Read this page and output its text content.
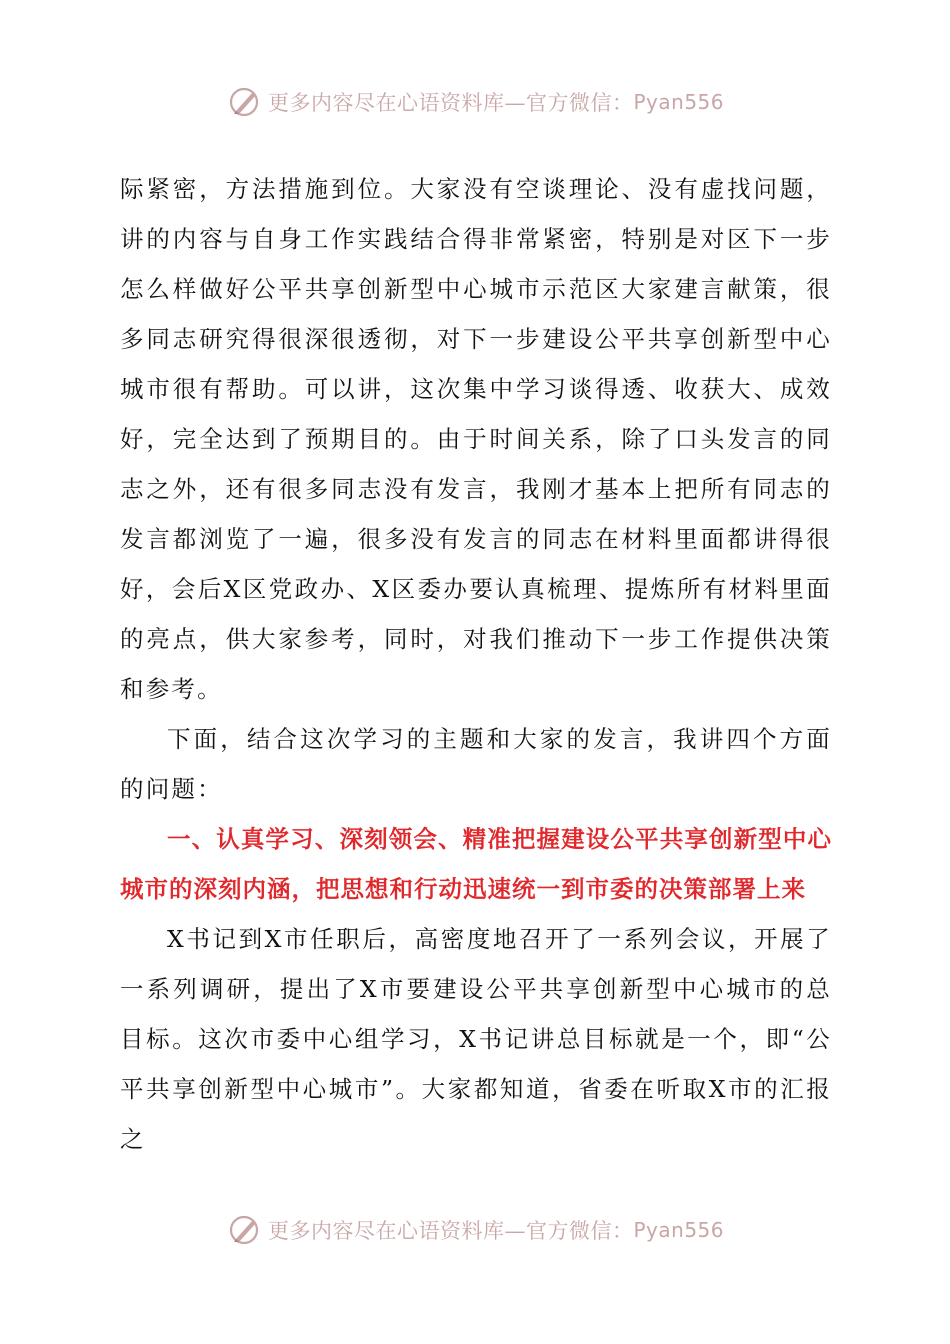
更多内容尽在心语资料库—官方微信： Pyan556

际紧密，方法措施到位。大家没有空谈理论、没有虚找问题，讲的内容与自身工作实践结合得非常紧密，特别是对区下一步怎么样做好公平共享创新型中心城市示范区大家建言献策，很多同志研究得很深很透彻，对下一步建设公平共享创新型中心城市很有帮助。可以讲，这次集中学习谈得透、收获大、成效好，完全达到了预期目的。由于时间关系，除了口头发言的同志之外，还有很多同志没有发言，我刚才基本上把所有同志的发言都浏览了一遍，很多没有发言的同志在材料里面都讲得很好，会后X区党政办、X区委办要认真梳理、提炼所有材料里面的亮点，供大家参考，同时，对我们推动下一步工作提供决策和参考。

下面，结合这次学习的主题和大家的发言，我讲四个方面的问题：

一、认真学习、深刻领会、精准把握建设公平共享创新型中心城市的深刻内涵，把思想和行动迅速统一到市委的决策部署上来

X书记到X市任职后，高密度地召开了一系列会议，开展了一系列调研，提出了X市要建设公平共享创新型中心城市的总目标。这次市委中心组学习，X书记讲总目标就是一个，即“公平共享创新型中心城市”。大家都知道，省委在听取X市的汇报之

更多内容尽在心语资料库—官方微信： Pyan556
